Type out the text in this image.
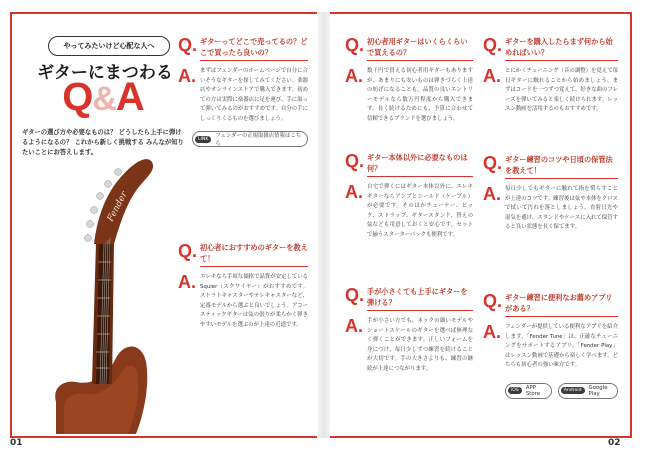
やってみたいけど心配な人へ
ギターにまつわる
Q&A
ギターの選び方や必要なものは？ どうしたら上手に弾けるようになるの？ これから新しく挑戦する みんなが知りたいことにお答えします。
Fender
Q. ギターってどこで売ってるの？どこで買ったら良いの？
A. まずはフェンダーのホームページで自分に合いそうなギターを探してみてください。楽器店やオンラインストアで購入できます。初めての方は実際に楽器店に足を運び、手に取って弾いてみるのがおすすめです。自分の手にしっくりくるものを選びましょう。
LINK	フェンダーの正規取扱店情報はこちら
Q. 初心者におすすめのギターを教えて！
A. エレキなら手頃な価格で品質が安定しているSquier（スクワイヤー）がおすすめです。ストラトキャスターやテレキャスターなど、定番モデルから選ぶと良いでしょう。アコースティックギターは弦の張りが柔らかく弾きやすいモデルを選ぶのが上達の近道です。
Q. 初心者用ギターはいくらくらいで買えるの？
A. 数千円で買える初心者用ギターもありますが、あまりにも安いものは弾きづらく上達の妨げになることも。品質の良いエントリーモデルなら数万円程度から購入できます。長く続けるためにも、予算に合わせて信頼できるブランドを選びましょう。
Q. ギター本体以外に必要なものは何？
A. 自宅で弾くにはギター本体以外に、エレキギターならアンプとシールド（ケーブル）が必要です。そのほかチューナー、ピック、ストラップ、ギタースタンド、替えの弦なども用意しておくと安心です。セットで揃うスターターパックも便利です。
Q. 手が小さくても上手にギターを弾ける？
A. 手が小さい方でも、ネックの細いモデルやショートスケールのギターを選べば無理なく弾くことができます。正しいフォームを身につけ、毎日少しずつ練習を続けることが大切です。手の大きさよりも、練習の継続が上達につながります。
Q. ギターを購入したらまず何から始めればいい？
A. とにかくチューニング（音の調整）を覚えて毎日ギターに触れることから始めましょう。まずはコードを一つずつ覚えて、好きな曲のフレーズを弾いてみると楽しく続けられます。レッスン動画を活用するのもおすすめです。
Q. ギター練習のコツや日頃の保管法を教えて！
A. 毎日少しでもギターに触れて指を慣らすことが上達のコツです。練習後は弦や本体をクロスで拭いて汚れを落としましょう。直射日光や湿気を避け、スタンドやケースに入れて保管すると良い状態を長く保てます。
Q. ギター練習に便利なお薦めアプリがある？
A. フェンダーが提供している便利なアプリを紹介します。「Fender Tune」は、正確なチューニングをサポートするアプリ。「Fender Play」はレッスン動画で基礎から楽しく学べます。どちらも初心者の強い味方です。
iOS	APP Store	Android	Google Play
01	02
